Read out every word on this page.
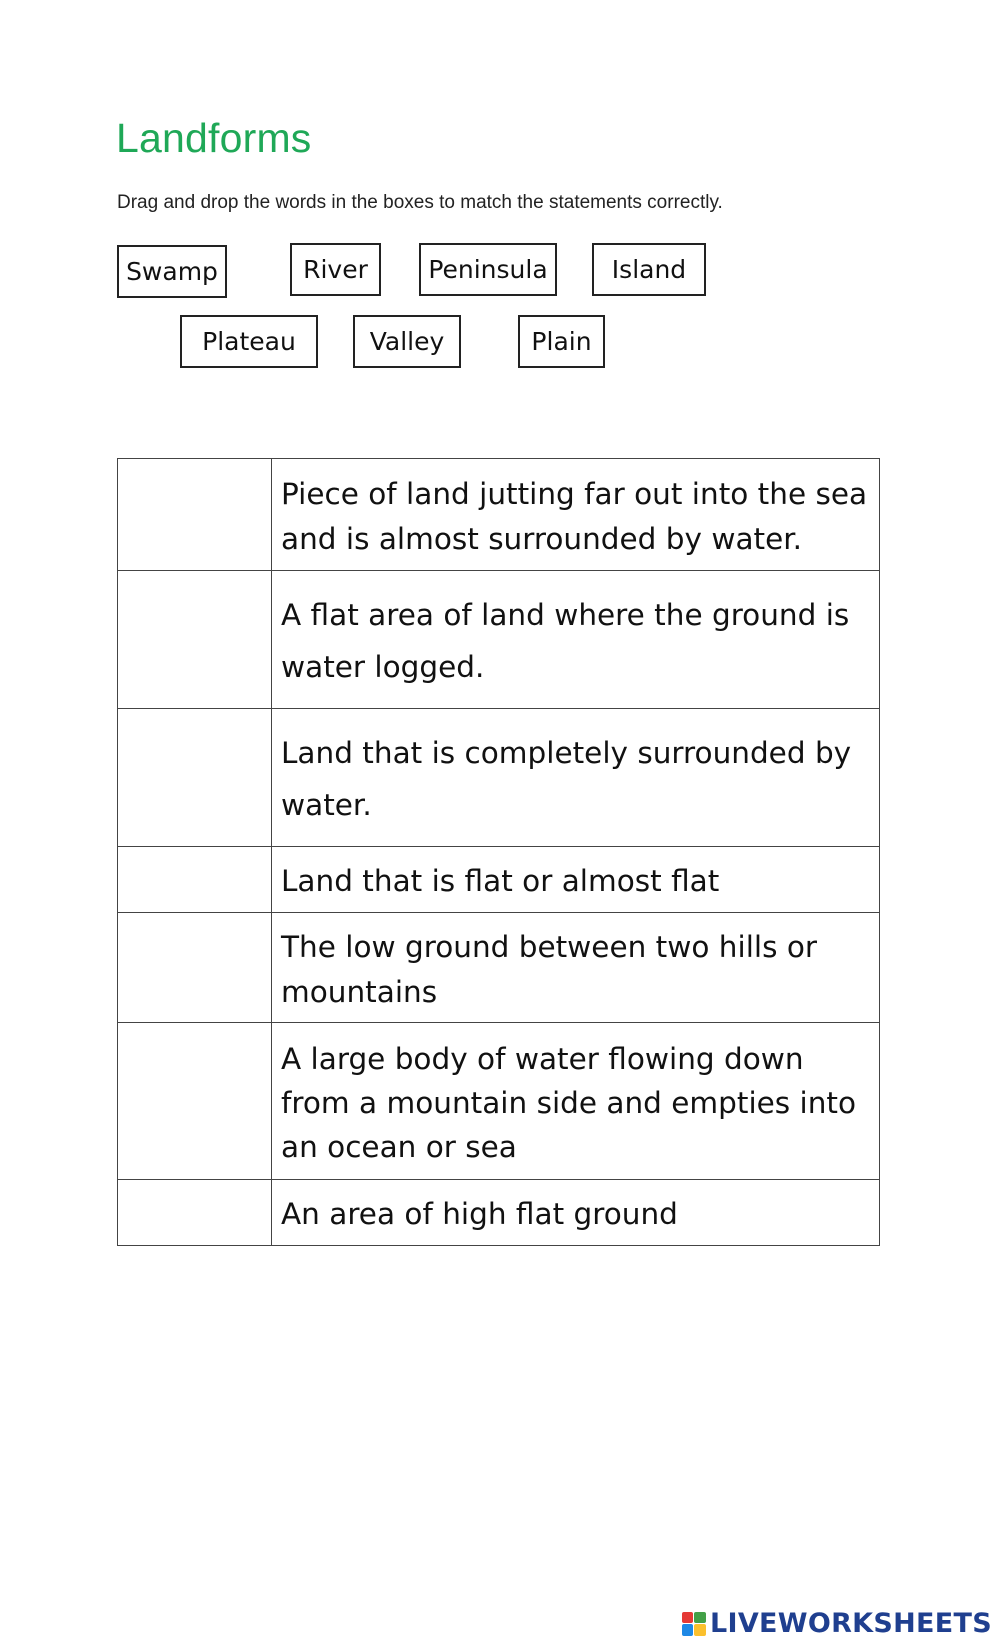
Landforms
Drag and drop the words in the boxes to match the statements correctly.
Swamp	River	Peninsula	Island
Plateau	Valley	Plain
	Piece of land jutting far out into the sea and is almost surrounded by water.
	A flat area of land where the ground is water logged.
	Land that is completely surrounded by water.
	Land that is flat or almost flat
	The low ground between two hills or mountains
	A large body of water flowing down from a mountain side and empties into an ocean or sea
	An area of high flat ground
LIVEWORKSHEETS
